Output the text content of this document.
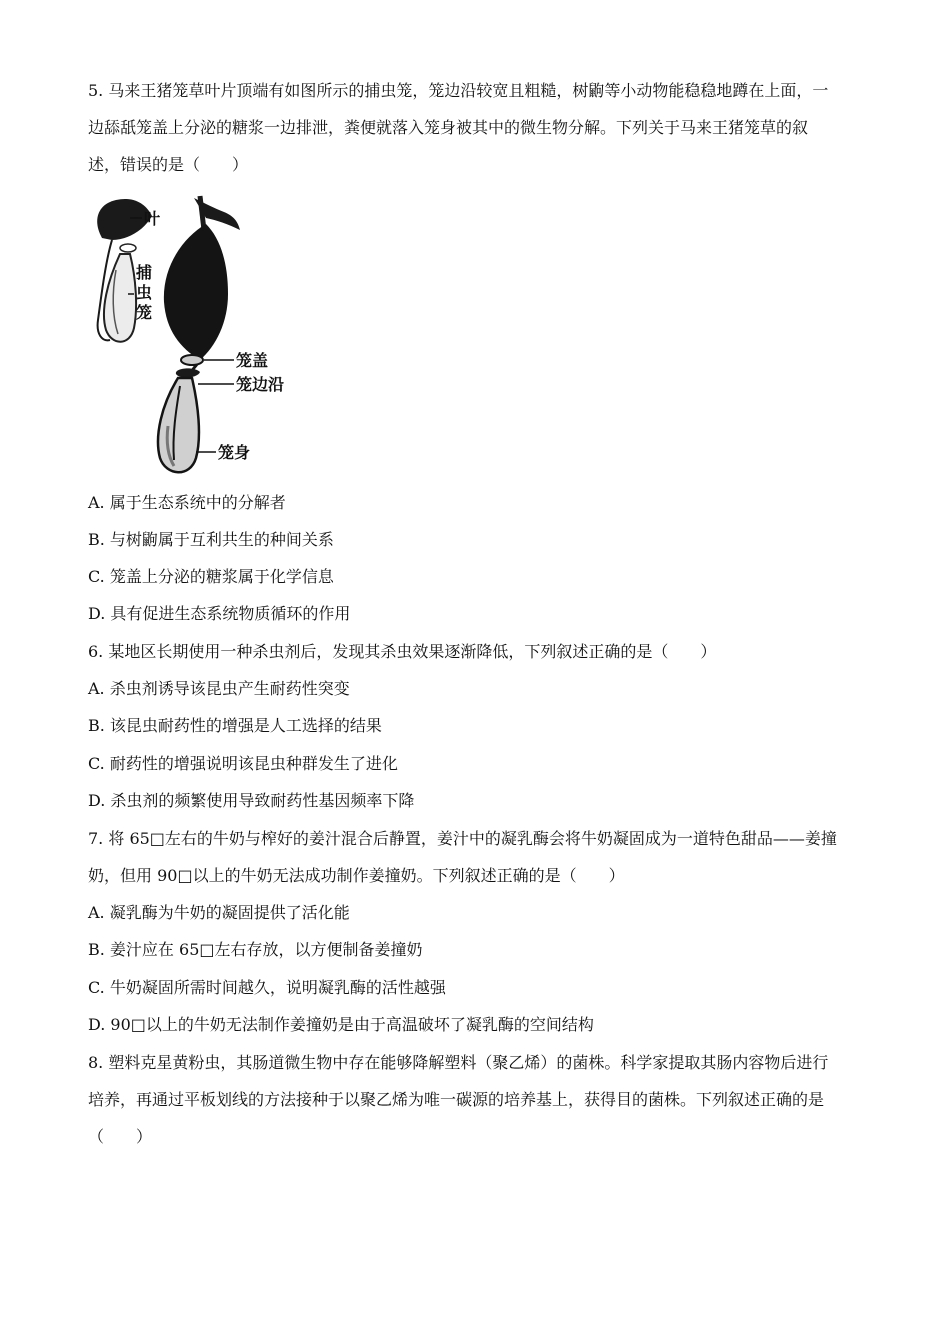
5. 马来王猪笼草叶片顶端有如图所示的捕虫笼，笼边沿较宽且粗糙，树鼩等小动物能稳稳地蹲在上面，一

边舔舐笼盖上分泌的糖浆一边排泄，粪便就落入笼身被其中的微生物分解。下列关于马来王猪笼草的叙

述，错误的是（　　）

叶
捕
虫
笼
笼盖
笼边沿
笼身

A. 属于生态系统中的分解者

B. 与树鼩属于互利共生的种间关系

C. 笼盖上分泌的糖浆属于化学信息

D. 具有促进生态系统物质循环的作用

6. 某地区长期使用一种杀虫剂后，发现其杀虫效果逐渐降低，下列叙述正确的是（　　）

A. 杀虫剂诱导该昆虫产生耐药性突变

B. 该昆虫耐药性的增强是人工选择的结果

C. 耐药性的增强说明该昆虫种群发生了进化

D. 杀虫剂的频繁使用导致耐药性基因频率下降

7. 将 65□左右的牛奶与榨好的姜汁混合后静置，姜汁中的凝乳酶会将牛奶凝固成为一道特色甜品——姜撞

奶，但用 90□以上的牛奶无法成功制作姜撞奶。下列叙述正确的是（　　）

A. 凝乳酶为牛奶的凝固提供了活化能

B. 姜汁应在 65□左右存放，以方便制备姜撞奶

C. 牛奶凝固所需时间越久，说明凝乳酶的活性越强

D. 90□以上的牛奶无法制作姜撞奶是由于高温破坏了凝乳酶的空间结构

8. 塑料克星黄粉虫，其肠道微生物中存在能够降解塑料（聚乙烯）的菌株。科学家提取其肠内容物后进行

培养，再通过平板划线的方法接种于以聚乙烯为唯一碳源的培养基上，获得目的菌株。下列叙述正确的是

（　　）
